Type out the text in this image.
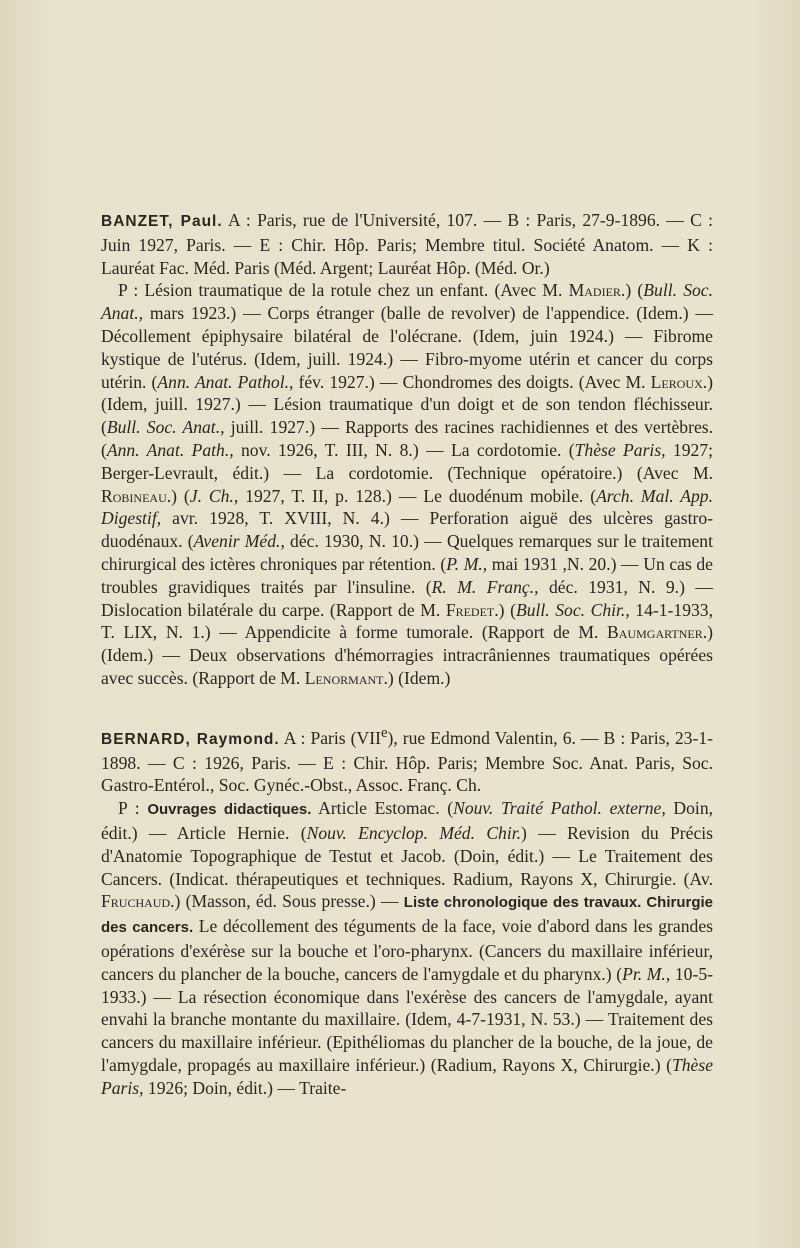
BANZET, Paul. A : Paris, rue de l'Université, 107. — B : Paris, 27-9-1896. — C : Juin 1927, Paris. — E : Chir. Hôp. Paris; Membre titul. Société Anatom. — K : Lauréat Fac. Méd. Paris (Méd. Argent; Lauréat Hôp. (Méd. Or.)

P : Lésion traumatique de la rotule chez un enfant. (Avec M. Madier.) (Bull. Soc. Anat., mars 1923.) — Corps étranger (balle de revolver) de l'appendice. (Idem.) — Décollement épiphysaire bilatéral de l'olécrane. (Idem, juin 1924.) — Fibrome kystique de l'utérus. (Idem, juill. 1924.) — Fibro-myome utérin et cancer du corps utérin. (Ann. Anat. Pathol., fév. 1927.) — Chondromes des doigts. (Avec M. Leroux.) (Idem, juill. 1927.) — Lésion traumatique d'un doigt et de son tendon fléchisseur. (Bull. Soc. Anat., juill. 1927.) — Rapports des racines rachidiennes et des vertèbres. (Ann. Anat. Path., nov. 1926, T. III, N. 8.) — La cordotomie. (Thèse Paris, 1927; Berger-Levrault, édit.) — La cordotomie. (Technique opératoire.) (Avec M. Robineau.) (J. Ch., 1927, T. II, p. 128.) — Le duodénum mobile. (Arch. Mal. App. Digestif, avr. 1928, T. XVIII, N. 4.) — Perforation aiguë des ulcères gastro-duodénaux. (Avenir Méd., déc. 1930, N. 10.) — Quelques remarques sur le traitement chirurgical des ictères chroniques par rétention. (P. M., mai 1931 ,N. 20.) — Un cas de troubles gravidiques traités par l'insuline. (R. M. Franç., déc. 1931, N. 9.) — Dislocation bilatérale du carpe. (Rapport de M. Fredet.) (Bull. Soc. Chir., 14-1-1933, T. LIX, N. 1.) — Appendicite à forme tumorale. (Rapport de M. Baumgartner.) (Idem.) — Deux observations d'hémorragies intracrâniennes traumatiques opérées avec succès. (Rapport de M. Lenormant.) (Idem.)

BERNARD, Raymond. A : Paris (VIIe), rue Edmond Valentin, 6. — B : Paris, 23-1-1898. — C : 1926, Paris. — E : Chir. Hôp. Paris; Membre Soc. Anat. Paris, Soc. Gastro-Entérol., Soc. Gynéc.-Obst., Assoc. Franç. Ch.

P : Ouvrages didactiques. Article Estomac. (Nouv. Traité Pathol. externe, Doin, édit.) — Article Hernie. (Nouv. Encyclop. Méd. Chir.) — Revision du Précis d'Anatomie Topographique de Testut et Jacob. (Doin, édit.) — Le Traitement des Cancers. (Indicat. thérapeutiques et techniques. Radium, Rayons X, Chirurgie. (Av. Fruchaud.) (Masson, éd. Sous presse.) — Liste chronologique des travaux. Chirurgie des cancers. Le décollement des téguments de la face, voie d'abord dans les grandes opérations d'exérèse sur la bouche et l'oro-pharynx. (Cancers du maxillaire inférieur, cancers du plancher de la bouche, cancers de l'amygdale et du pharynx.) (Pr. M., 10-5-1933.) — La résection économique dans l'exérèse des cancers de l'amygdale, ayant envahi la branche montante du maxillaire. (Idem, 4-7-1931, N. 53.) — Traitement des cancers du maxillaire inférieur. (Epithéliomas du plancher de la bouche, de la joue, de l'amygdale, propagés au maxillaire inférieur.) (Radium, Rayons X, Chirurgie.) (Thèse Paris, 1926; Doin, édit.) — Traite-
